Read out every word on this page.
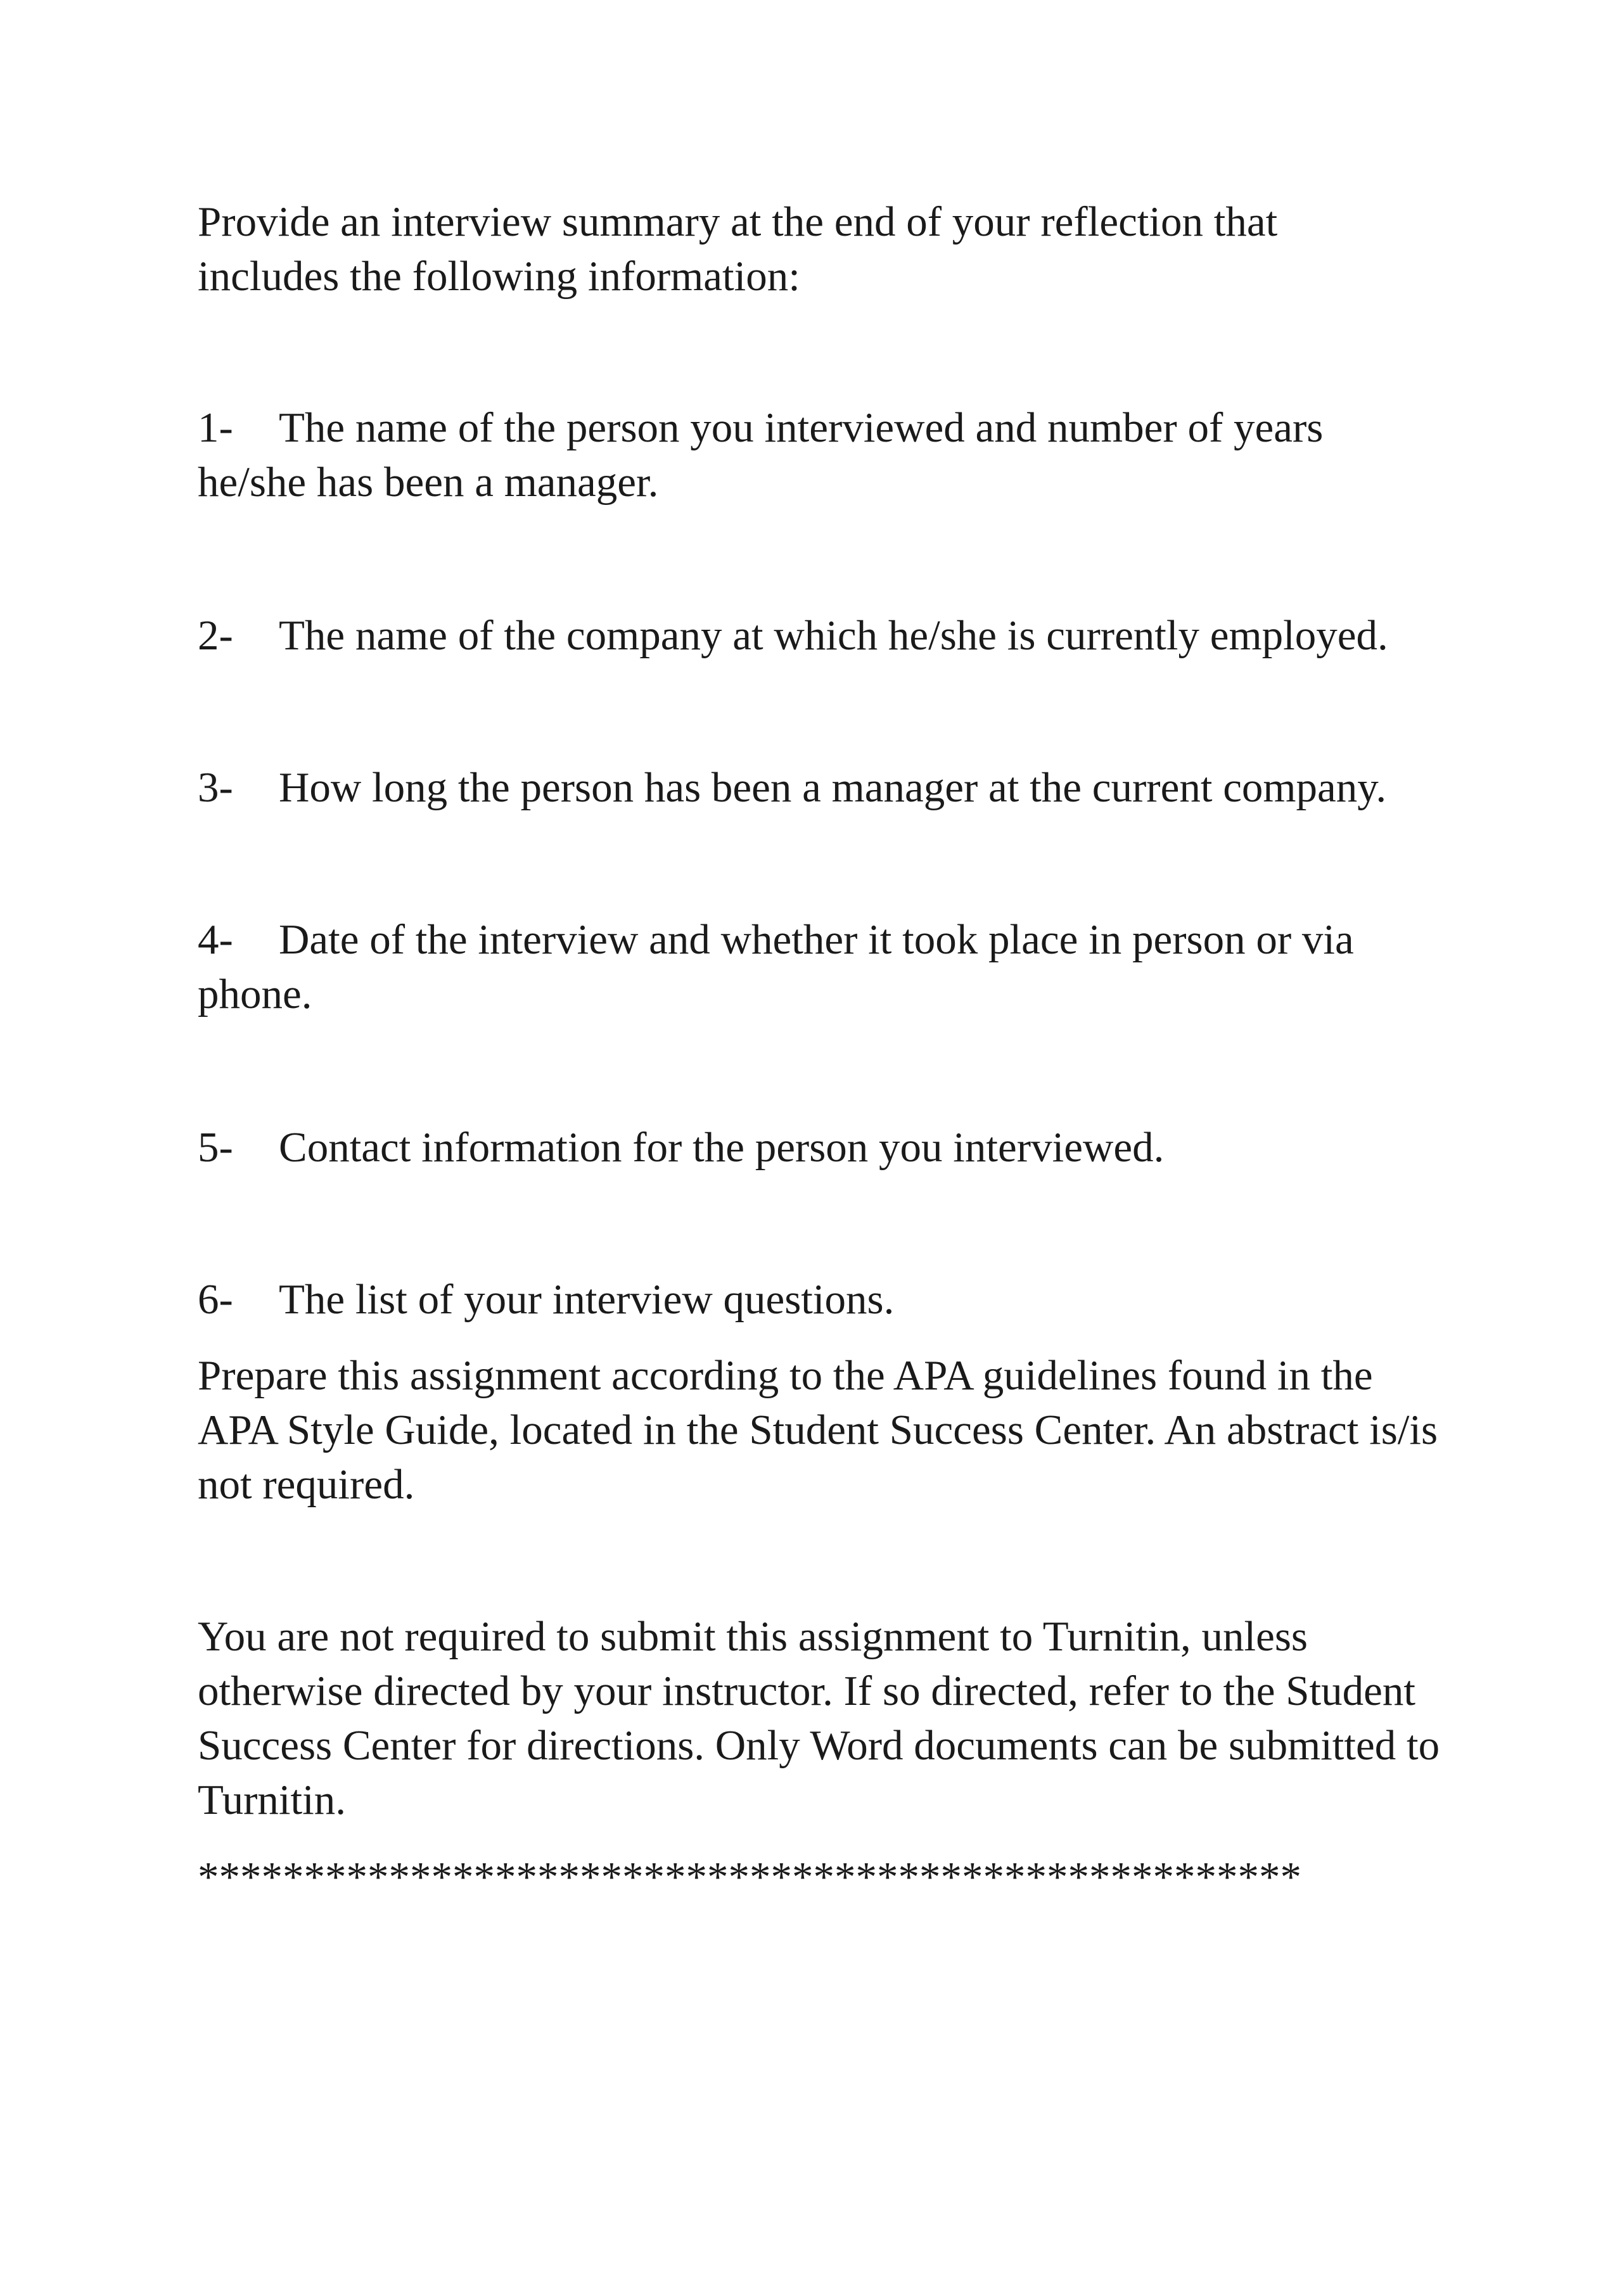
Provide an interview summary at the end of your reflection that includes the following information:

1- The name of the person you interviewed and number of years he/she has been a manager.

2- The name of the company at which he/she is currently employed.

3- How long the person has been a manager at the current company.

4- Date of the interview and whether it took place in person or via phone.

5- Contact information for the person you interviewed.

6- The list of your interview questions.

Prepare this assignment according to the APA guidelines found in the APA Style Guide, located in the Student Success Center. An abstract is/is not required.

You are not required to submit this assignment to Turnitin, unless otherwise directed by your instructor. If so directed, refer to the Student Success Center for directions. Only Word documents can be submitted to Turnitin.

****************************************************
